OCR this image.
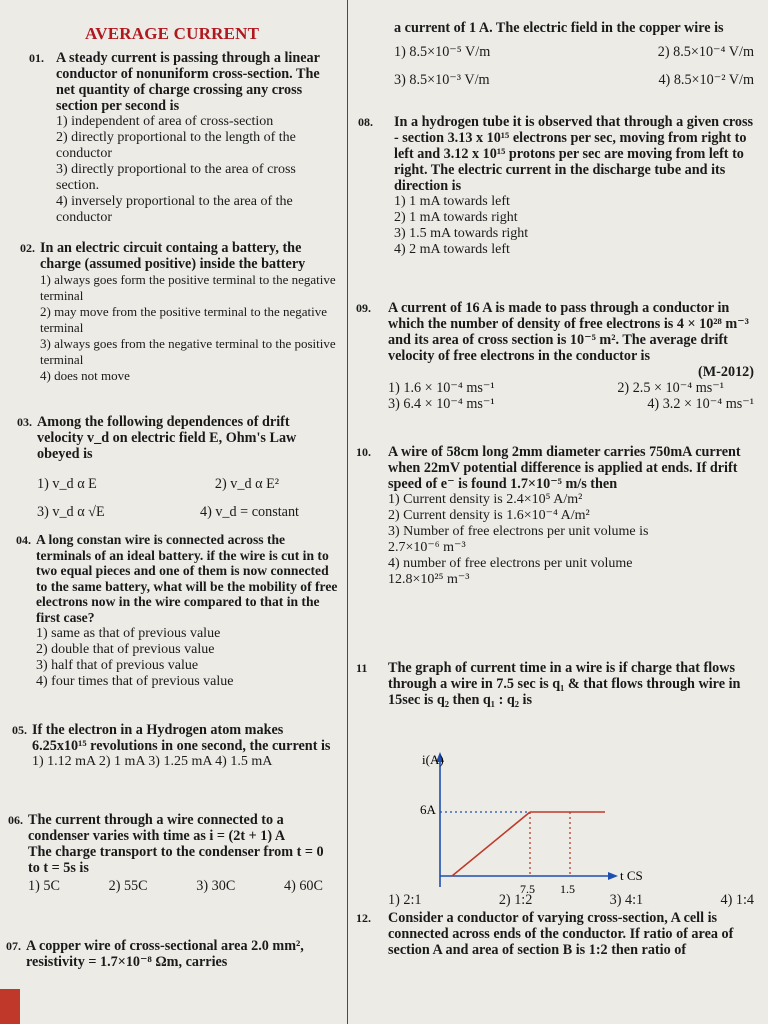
AVERAGE CURRENT
01. A steady current is passing through a linear conductor of nonuniform cross-section. The net quantity of charge crossing any cross section per second is
1) independent of area of cross-section
2) directly proportional to the length of the conductor
3) directly proportional to the area of cross section.
4) inversely proportional to the area of the conductor
02. In an electric circuit containg a battery, the charge (assumed positive) inside the battery
1) always goes form the positive terminal to the negative terminal
2) may move from the positive terminal to the negative terminal
3) always goes from the negative terminal to the positive terminal
4) does not move
03. Among the following dependences of drift velocity v_d on electric field E, Ohm's Law obeyed is
1) v_d α E	2) v_d α E²
3) v_d α √E	4) v_d = constant
04. A long constan wire is connected across the terminals of an ideal battery. if the wire is cut in to two equal pieces and one of them is now connected to the same battery, what will be the mobility of free electrons now in the wire compared to that in the first case?
1) same as that of previous value
2) double that of previous value
3) half that of previous value
4) four times that of previous value
05. If the electron in a Hydrogen atom makes 6.25x10¹⁵ revolutions in one second, the current is
1) 1.12 mA 2) 1 mA 3) 1.25 mA 4) 1.5 mA
06. The current through a wire connected to a condenser varies with time as i = (2t + 1) A
The charge transport to the condenser from t = 0 to t = 5s is
1) 5C	2) 55C	3) 30C	4) 60C
07. A copper wire of cross-sectional area 2.0 mm², resistivity = 1.7×10⁻⁸ Ωm, carries
a current of 1 A. The electric field in the copper wire is
1) 8.5×10⁻⁵ V/m	2) 8.5×10⁻⁴ V/m
3) 8.5×10⁻³ V/m	4) 8.5×10⁻² V/m
08. In a hydrogen tube it is observed that through a given cross - section 3.13 x 10¹⁵ electrons per sec, moving from right to left and 3.12 x 10¹⁵ protons per sec are moving from left to right. The electric current in the discharge tube and its direction is
1) 1 mA towards left
2) 1 mA towards right
3) 1.5 mA towards right
4) 2 mA towards left
09. A current of 16 A is made to pass through a conductor in which the number of density of free electrons is 4 × 10²⁸ m⁻³ and its area of cross section is 10⁻⁵ m². The average drift velocity of free electrons in the conductor is
(M-2012)
1) 1.6 × 10⁻⁴ ms⁻¹	2) 2.5 × 10⁻⁴ ms⁻¹
3) 6.4 × 10⁻⁴ ms⁻¹	4) 3.2 × 10⁻⁴ ms⁻¹
10. A wire of 58cm long 2mm diameter carries 750mA current when 22mV potential difference is applied at ends. If drift speed of e⁻ is found 1.7×10⁻⁵ m/s then
1) Current density is 2.4×10⁵ A/m²
2) Current density is 1.6×10⁻⁴ A/m²
3) Number of free electrons per unit volume is
2.7×10⁻⁶ m⁻³
4) number of free electrons per unit volume
12.8×10²⁵ m⁻³
11 The graph of current time in a wire is if charge that flows through a wire in 7.5 sec is q₁ & that flows through wire in 15sec is q₂ then q₁ : q₂ is
1) 2:1	2) 1:2	3) 4:1	4) 1:4
12. Consider a conductor of varying cross-section, A cell is connected across ends of the conductor. If ratio of area of section A and area of section B is 1:2 then ratio of
i(A)
6A
7.5 1.5
t CS
